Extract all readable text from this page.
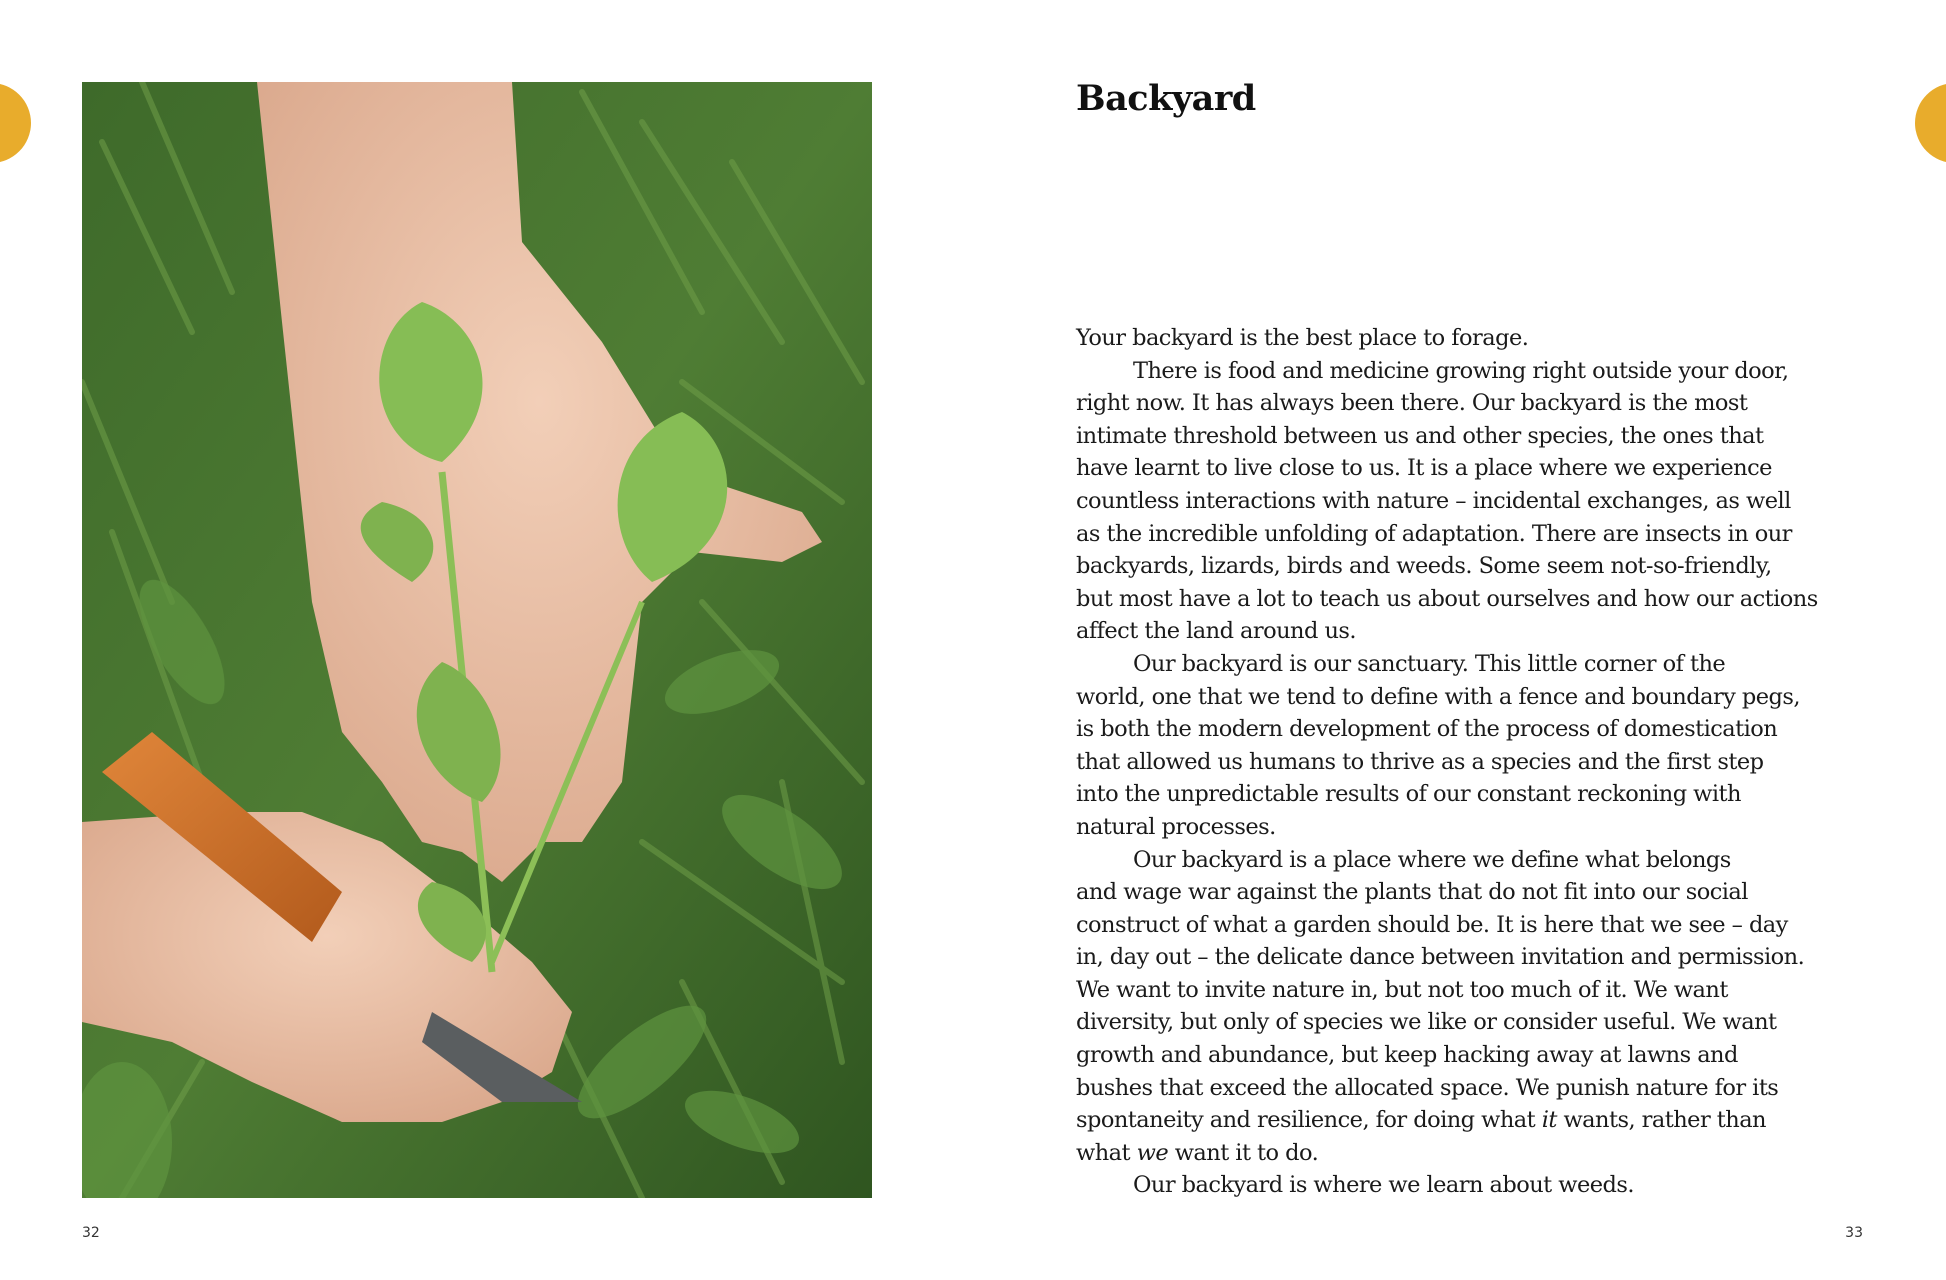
32
Backyard
Your backyard is the best place to forage.
There is food and medicine growing right outside your door,
right now. It has always been there. Our backyard is the most
intimate threshold between us and other species, the ones that
have learnt to live close to us. It is a place where we experience
countless interactions with nature – incidental exchanges, as well
as the incredible unfolding of adaptation. There are insects in our
backyards, lizards, birds and weeds. Some seem not-so-friendly,
but most have a lot to teach us about ourselves and how our actions
affect the land around us.
Our backyard is our sanctuary. This little corner of the
world, one that we tend to define with a fence and boundary pegs,
is both the modern development of the process of domestication
that allowed us humans to thrive as a species and the first step
into the unpredictable results of our constant reckoning with
natural processes.
Our backyard is a place where we define what belongs
and wage war against the plants that do not fit into our social
construct of what a garden should be. It is here that we see – day
in, day out – the delicate dance between invitation and permission.
We want to invite nature in, but not too much of it. We want
diversity, but only of species we like or consider useful. We want
growth and abundance, but keep hacking away at lawns and
bushes that exceed the allocated space. We punish nature for its
spontaneity and resilience, for doing what it wants, rather than
what we want it to do.
Our backyard is where we learn about weeds.
33
